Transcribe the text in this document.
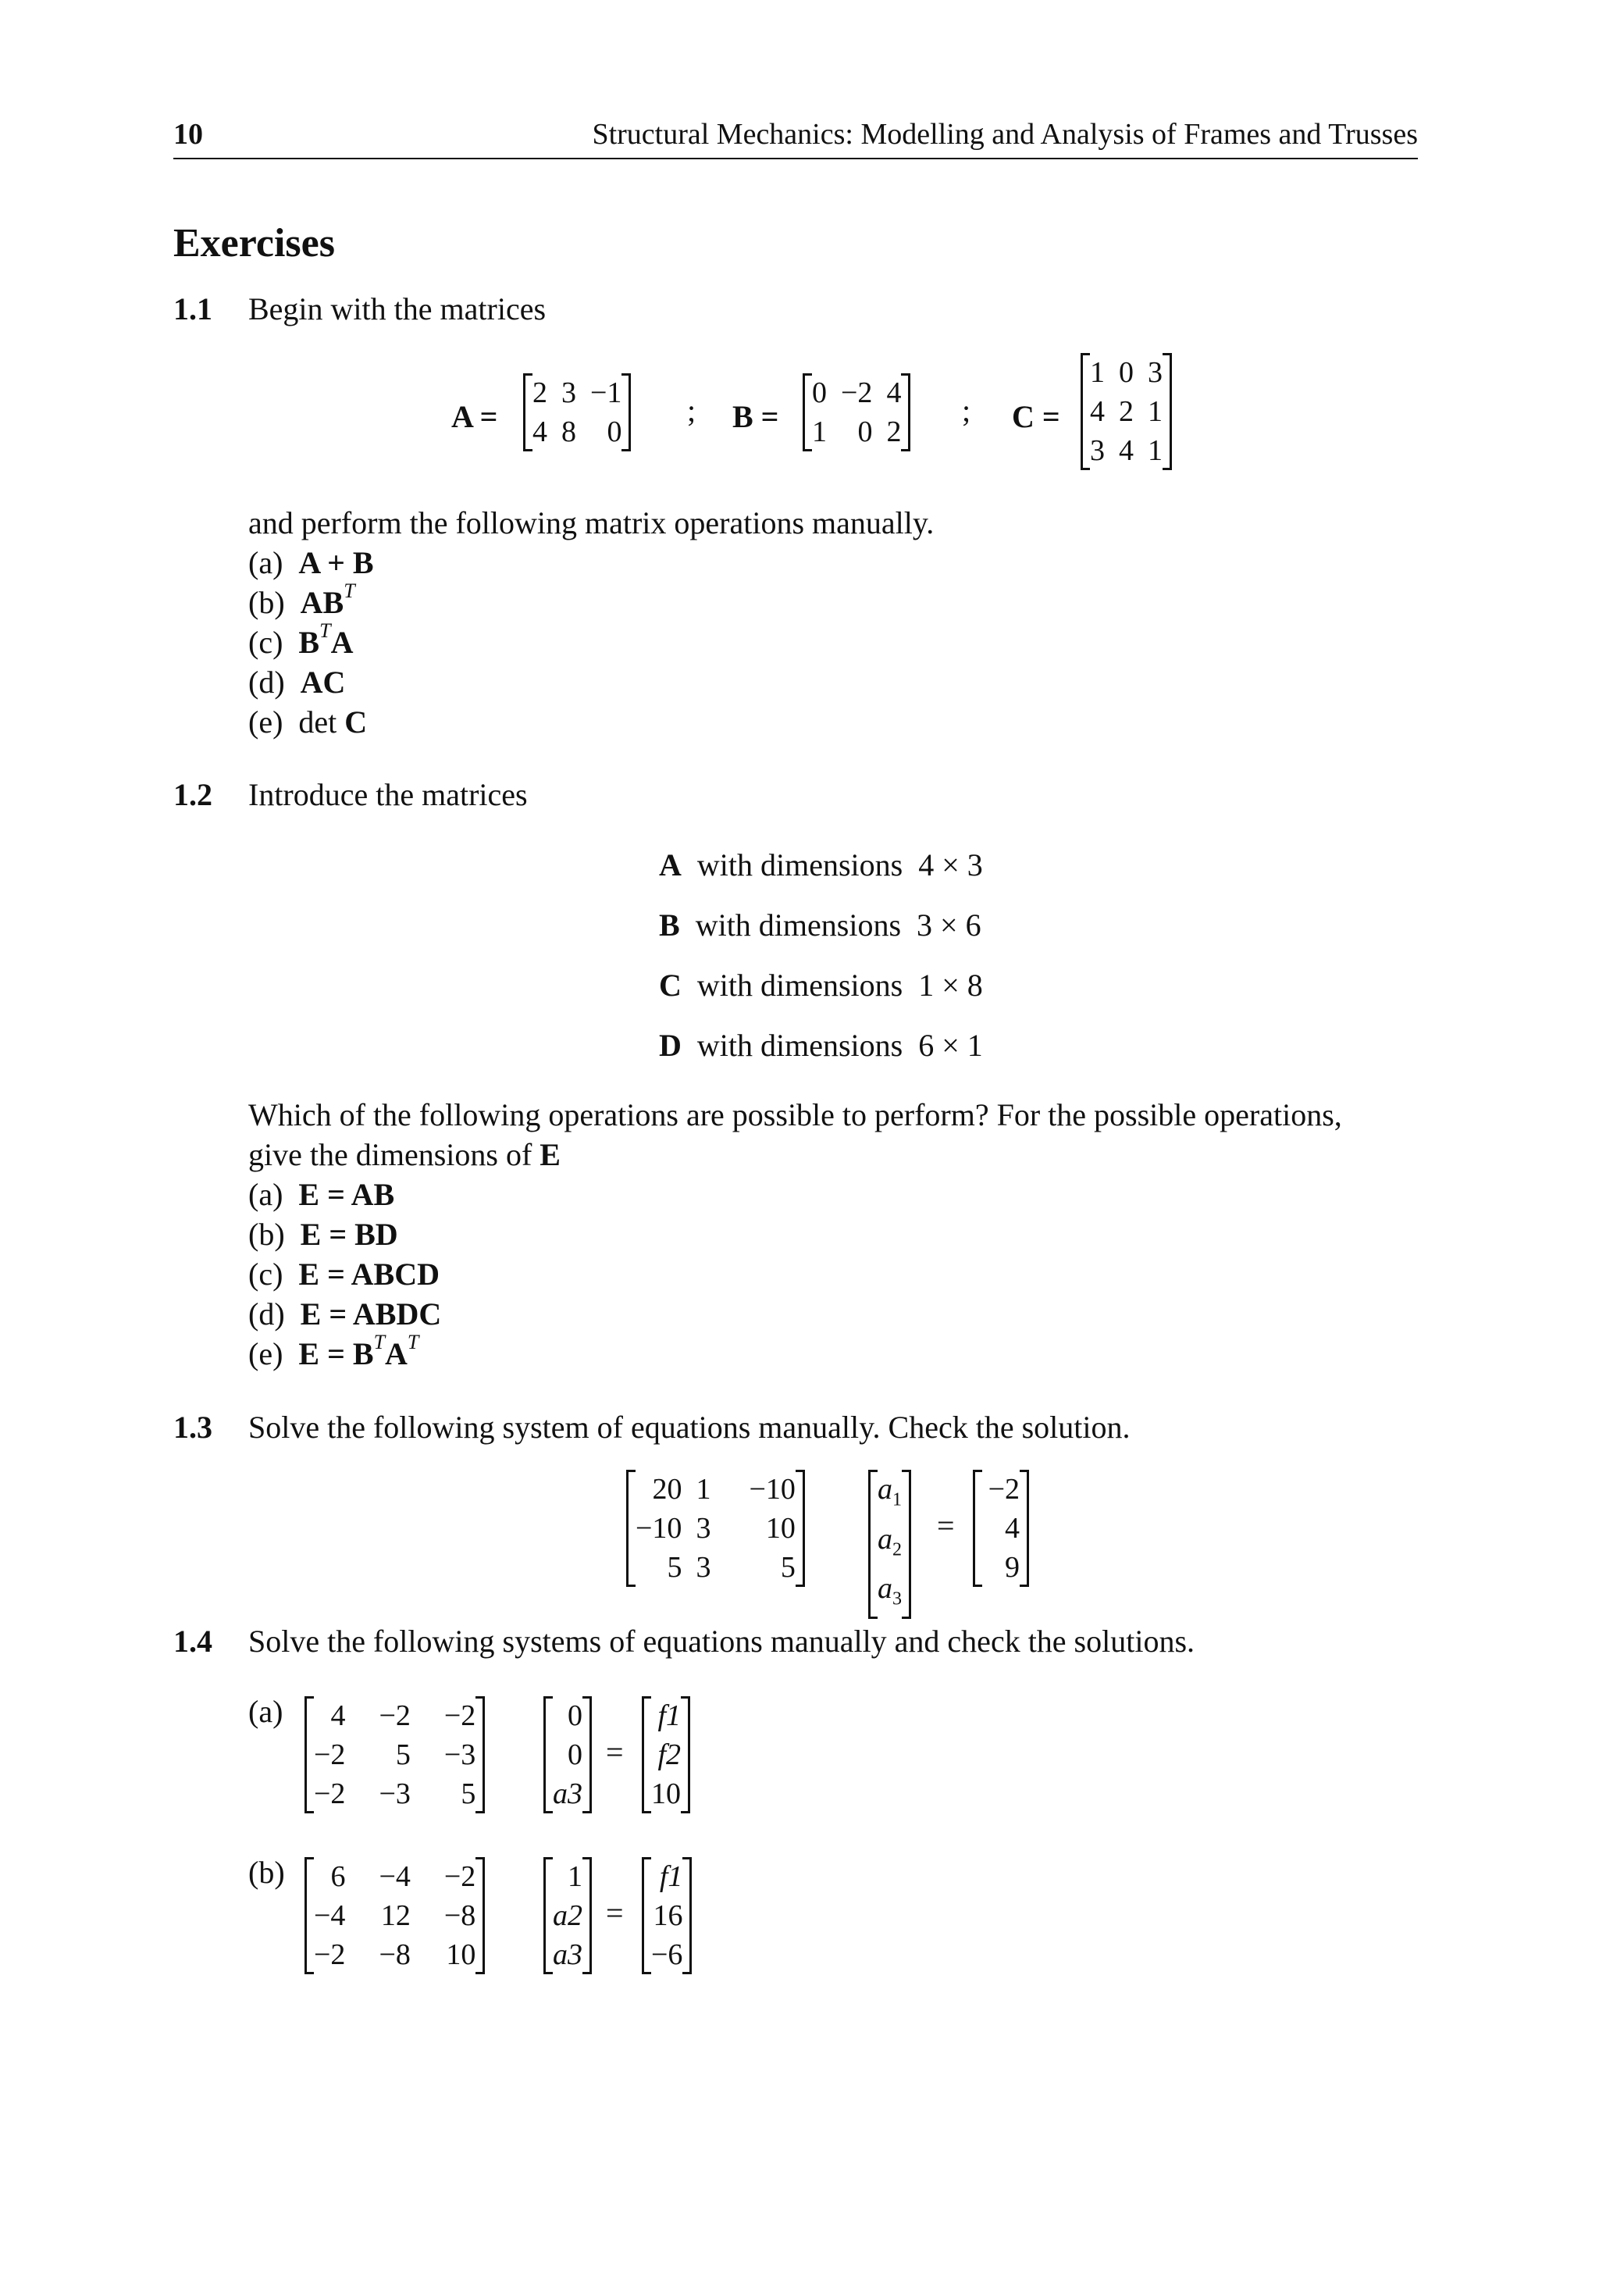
10	Structural Mechanics: Modelling and Analysis of Frames and Trusses
Exercises
1.1 Begin with the matrices
A =
2	3	−1
4	8	0
; B =
0	−2	4
1	0	2
; C =
1	0	3
4	2	1
3	4	1
and perform the following matrix operations manually.
(a) A + B
(b) $AB^T$
(c) $B^TA$
(d) AC
(e) det C
1.2 Introduce the matrices
A with dimensions 4 × 3
B with dimensions 3 × 6
C with dimensions 1 × 8
D with dimensions 6 × 1
Which of the following operations are possible to perform? For the possible operations,
give the dimensions of E
(a) E = AB
(b) E = BD
(c) E = ABCD
(d) E = ABDC
(e) $E = B^TA^T$
1.3 Solve the following system of equations manually. Check the solution.
20	1	−10
−10	3	10
5	3	5
$a_1$
$a_2$
$a_3$
=
−2
4
9
1.4 Solve the following systems of equations manually and check the solutions.
(a) 4	−2	−2
−2	5	−3
−2	−3	5
0
0
a3
=
f1
f2
10
(b) 6	−4	−2
−4	12	−8
−2	−8	10
1
a2
a3
=
f1
16
−6
